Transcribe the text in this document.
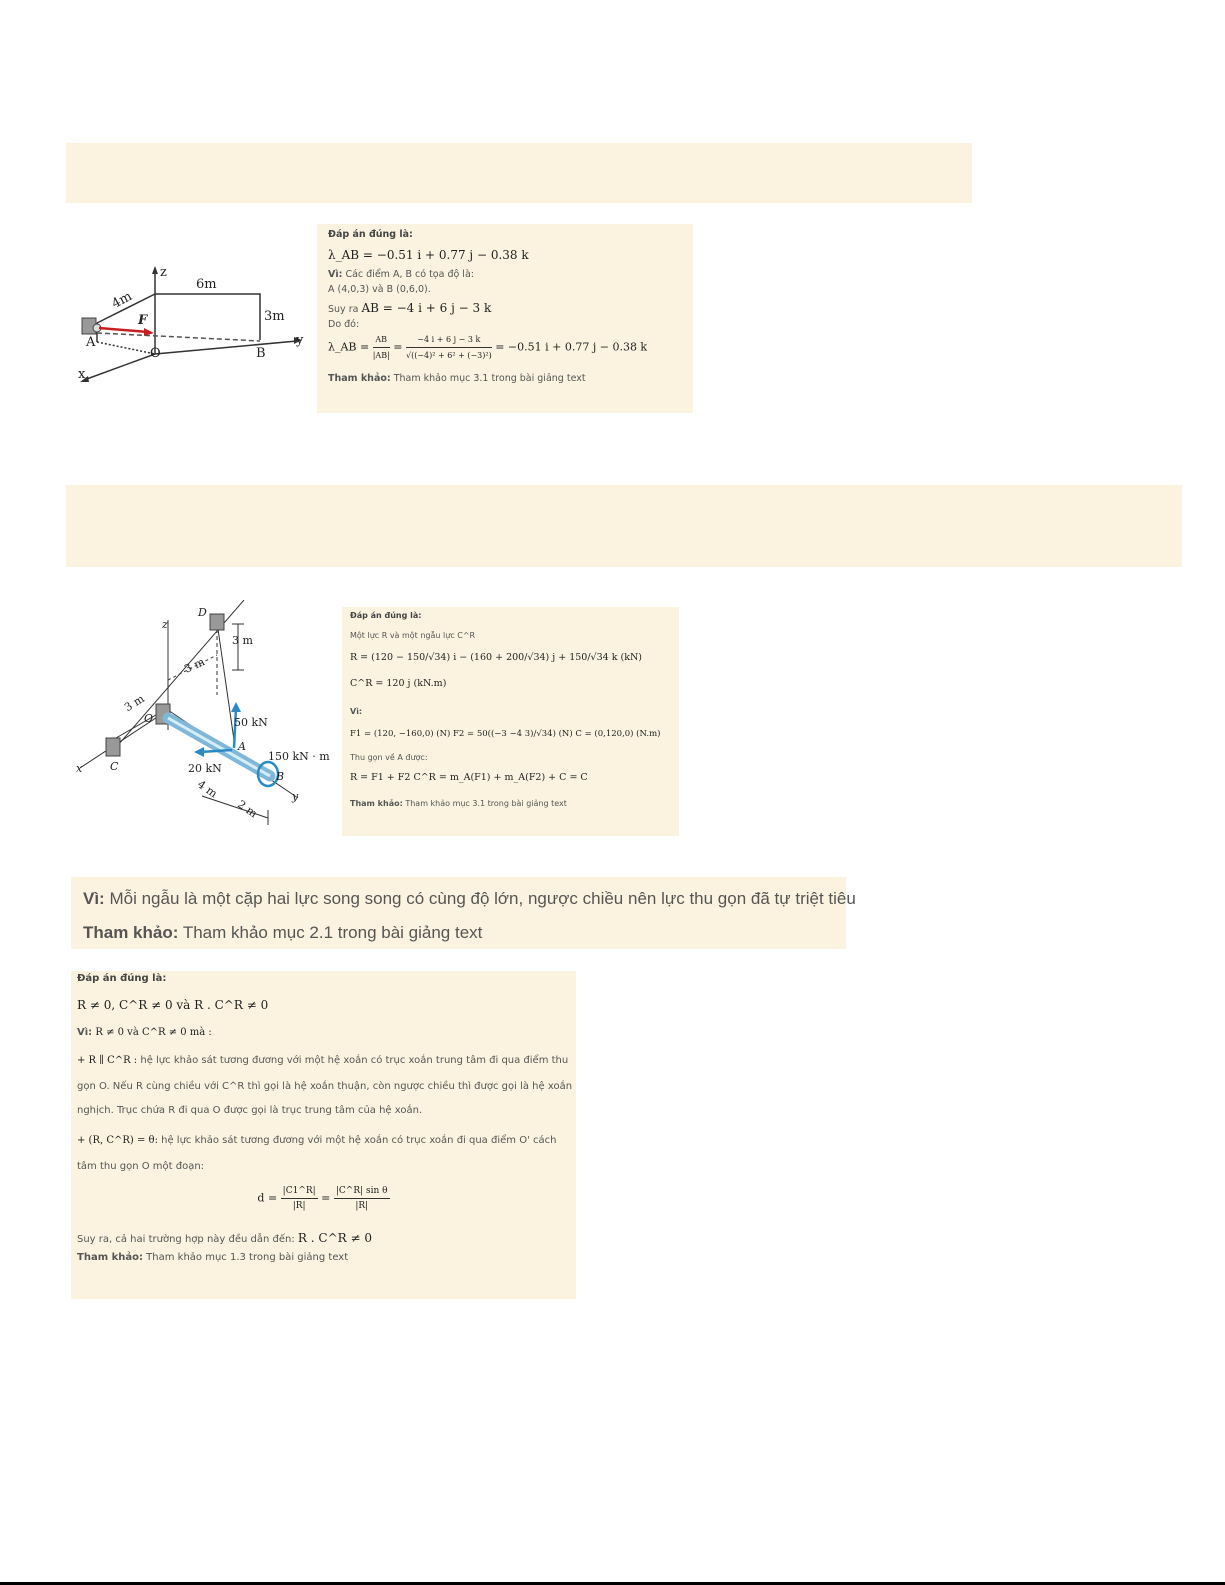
z
6m
4m
3m
F
A
O	B
y
x
Đáp án đúng là:
λ_AB = −0.51 i + 0.77 j − 0.38 k
Vì: Các điểm A, B có tọa độ là:
A (4,0,3) và B (0,6,0).
Suy ra AB = −4 i + 6 j − 3 k
Do đó:
λ_AB = $\frac{AB}{|AB|} = \frac{-4 i + 6 j - 3 k}{\text{√((−4)² + 6² + (−3)²)}} = -0.51$ i + 0.77 j − 0.38 k
Tham khảo: Tham khảo mục 3.1 trong bài giảng text
D
z
3 m
3 m
3 m
O	50 kN
A
150 kN · m
C	20 kN
B
x
y
4 m
2 m
Đáp án đúng là:
Một lực R và một ngẫu lực C^R
R = (120 − 150/√34) i − (160 + 200/√34) j + 150/√34 k (kN)
C^R = 120 j (kN.m)
Vì:
F1 = (120, −160,0) (N) F2 = 50((−3 −4 3)/√34) (N) C = (0,120,0) (N.m)
Thu gọn về A được:
R = F1 + F2 C^R = m_A(F1) + m_A(F2) + C = C
Tham khảo: Tham khảo mục 3.1 trong bài giảng text
Vì: Mỗi ngẫu là một cặp hai lực song song có cùng độ lớn, ngược chiều nên lực thu gọn đã tự triệt tiêu
Tham khảo: Tham khảo mục 2.1 trong bài giảng text
Đáp án đúng là:
R ≠ 0, C^R ≠ 0 và R . C^R ≠ 0
Vì: R ≠ 0 và C^R ≠ 0 mà :
+ R ∥ C^R : hệ lực khảo sát tương đương với một hệ xoắn có trục xoắn trung tâm đi qua điểm thu
gọn O. Nếu R cùng chiều với C^R thì gọi là hệ xoắn thuận, còn ngược chiều thì được gọi là hệ xoắn
nghịch. Trục chứa R đi qua O được gọi là trục trung tâm của hệ xoắn.
+ (R, C^R) = θ: hệ lực khảo sát tương đương với một hệ xoắn có trục xoắn đi qua điểm O' cách
tâm thu gọn O một đoạn:
$d = \frac{|C1\^{}R|}{|R|} = \frac{\text{|C\textasciicircum{}R| sin θ}}{|R|}$
Suy ra, cả hai trường hợp này đều dẫn đến: R . C^R ≠ 0
Tham khảo: Tham khảo mục 1.3 trong bài giảng text
